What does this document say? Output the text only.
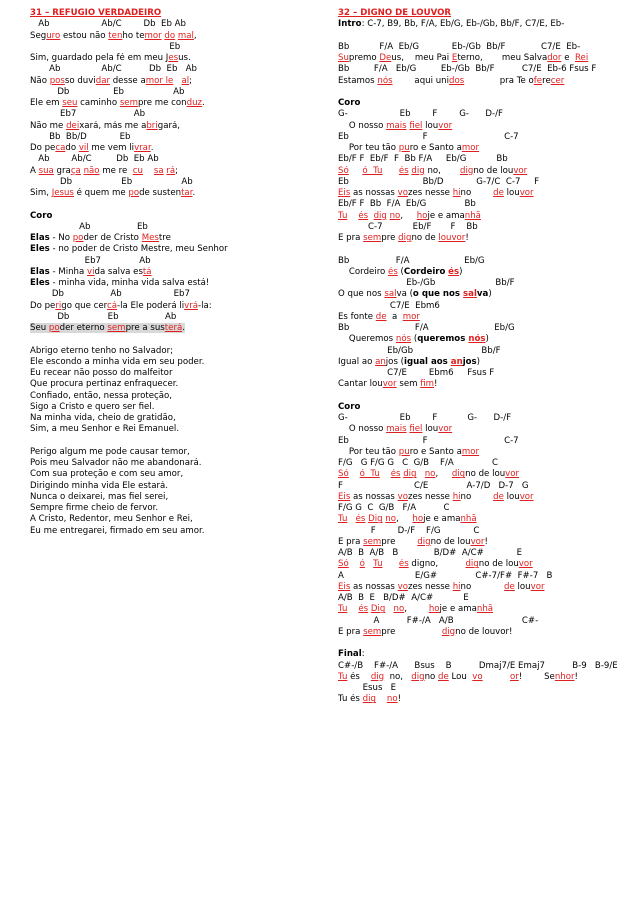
31 – REFÚGIO VERDADEIRO
Ab                   Ab/C        Db  Eb Ab
Seguro estou não tenho temor do mal,
Eb
Sim, guardado pela fé em meu Jesus.
Ab               Ab/C          Db  Eb   Ab
Não posso duvidar desse amor le al;
Db                Eb                  Ab
Ele em seu caminho sempre me conduz.
Eb7                     Ab
Não me deixará, más me abrigará,
Bb  Bb/D            Eb
Do pecado vil me vem livrar.
Ab        Ab/C         Db  Eb Ab
A sua graça não me re  cu sa rá;
Db                  Eb                  Ab
Sim, Jesus é quem me pode sustentar.
Coro
Ab                 Eb
Elas - No poder de Cristo Mestre
Eles - no poder de Cristo Mestre, meu Senhor
Eb7              Ab
Elas - Minha vida salva está
Eles - minha vida, minha vida salva está!
Db                 Ab                   Eb7
Do perigo que cercá-la Ele poderá livrá-la:
Db              Eb                 Ab
Seu poder eterno sempre a susterá.
Abrigo eterno tenho no Salvador;
Ele escondo a minha vida em seu poder.
Eu recear não posso do malfeitor
Que procura pertinaz enfraquecer.
Confiado, então, nessa proteção,
Sigo a Cristo e quero ser fiel.
Na minha vida, cheio de gratidão,
Sim, a meu Senhor e Rei Emanuel.
Perigo algum me pode causar temor,
Pois meu Salvador não me abandonará.
Com sua proteção e com seu amor,
Dirigindo minha vida Ele estará.
Nunca o deixarei, mas fiel serei,
Sempre firme cheio de fervor.
A Cristo, Redentor, meu Senhor e Rei,
Eu me entregarei, firmado em seu amor.
32 – DIGNO DE LOUVOR
Intro: C-7, B9, Bb, F/A, Eb/G, Eb-/Gb, Bb/F, C7/E, Eb-
Bb           F/A  Eb/G            Eb-/Gb  Bb/F             C7/E  Eb-
Supremo Deus,    meu Pai Eterno,       meu Salvador e  Rei
Bb         F/A   Eb/G         Eb-/Gb  Bb/F          C7/E  Eb-6 Fsus F
Estamos nós        aqui unidos             pra Te oferecer
Coro
G-                   Eb        F        G-      D-/F
O nosso mais fiel louvor
Eb                           F                            C-7
Por teu tão puro e Santo amor
Eb/F F  Eb/F  F  Bb F/A     Eb/G           Bb
Só ó  Tu és dig no,       digno de louvor
Eb                           Bb/D            G-7/C  C-7     F
Eis as nossas vozes nesse hino        de louvor
Eb/F F  Bb  F/A  Eb/G              Bb
Tu és dig no,     hoje e amanhã
C-7           Eb/F       F    Bb
E pra sempre digno de louvor!
Bb                 F/A                    Eb/G
Cordeiro és (Cordeiro és)
Eb-/Gb                      Bb/F
O que nos salva (o que nos salva)
C7/E  Ebm6
És fonte de  a  mor
Bb                        F/A                        Eb/G
Queremos nós (queremos nós)
Eb/Gb                         Bb/F
Igual ao anjos (igual aos anjos)
C7/E        Ebm6     Fsus F
Cantar louvor sem fim!
Coro
G-                   Eb        F           G-      D-/F
O nosso mais fiel louvor
Eb                           F                            C-7
Por teu tão puro e Santo amor
F/G   G F/G G   C  G/B    F/A              C
Só ó  Tu és dig no,     digno de louvor
F                          C/E              A-7/D   D-7   G
Eis as nossas vozes nesse hino        de louvor
F/G G  C  G/B   F/A          C
Tu és Dig no,     hoje e amanhã
F        D-/F    F/G            C
E pra sempre        digno de louvor!
A/B  B  A/B   B             B/D#  A/C#            E
Só ó Tu és digno,          digno de louvor
A                          E/G#              C#-7/F#  F#-7   B
Eis as nossas vozes nesse hino            de louvor
A/B  B  E   B/D#  A/C#           E
Tu és Dig no,        hoje e amanhã
A          F#-/A   A/B                         C#-
E pra sempre                 digno de louvor!
Final:
C#-/B    F#-/A      Bsus    B          Dmaj7/E Emaj7          B-9   B-9/E
Tu és    dig  no,   digno de Lou  vo	or!        Senhor!
Esus   E
Tu és dig no!
